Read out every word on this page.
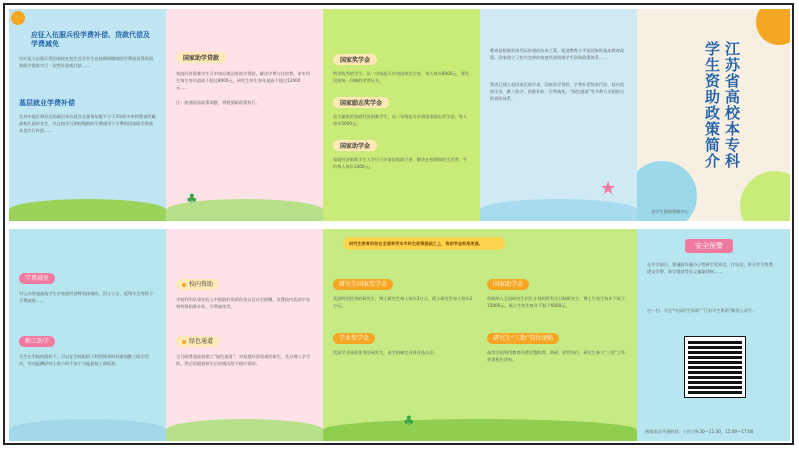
应征入伍服兵役学费补偿、贷款代偿及学费减免
对应征入伍服兵役的高校在校生及学业生在校期间缴纳的学费或获得的国家助学贷款实行一次性补偿或代偿……
基层就业学费补偿
在苏中地区和苏北的基层单位就业且服务年限不少于3年的中央和我省所属高校应届毕业生，其在校学习期间缴纳的学费或用于学费的国家助学贷款本金实行补偿……
国家助学贷款
家庭经济困难学生可申请办理国家助学贷款，解决学费与住宿费。本专科生每生每年最高不超过8000元，研究生每生每年最高不超过12000元……
注：如遇国家政策调整，将根据新政策执行。
♣
国家奖学金
特别优秀的学生，从二年级起可申请国家奖学金，每人每年8000元，颁发国家统一印制的荣誉证书。
国家励志奖学金
品学兼优的家庭经济困难学生，从二年级起可申请国家励志奖学金，每人每年5000元。
国家助学金
家庭经济困难学生入学后可申请国家助学金，解决在校期间的生活费，平均每人每年3300元。
教育是阻断贫困代际传递的治本之策。促进教育公平是国家的基本教育政策。国家建立了较为完善的家庭经济困难学生资助政策体系……
我省已建立起国家奖助学金、国家助学贷款、学费补偿贷款代偿、校内奖助学金、勤工助学、困难补助、学费减免、“绿色通道”等多种方式相结合的资助体系。
★
江苏省高校本专科
学生资助政策简介
省学生资助管理中心
学费减免
对公办普通高校学生中家庭经济特别困难的、烈士子女、孤残学生等给予学费减免……
勤工助学
学生在学校的组织下，可以在学校组织下利用课余时间参加勤工助学活动，劳动报酬原则上每小时不低于当地最低工资标准。
校内资助
学校利用从事业收入中提取的资助资金以及社会捐赠，设置校内奖助学金和特殊困难补助、学费减免等。
绿色通道
全日制普通高校建立“绿色通道”，对家庭经济困难的新生，先办理入学手续，然后再根据核实后的情况给予相应资助。
研究生教育阶段在全面享受本专科生政策基础之上，资助学金标准更高。
研究生国家奖学金
奖励特别优秀的研究生，博士研究生每人每年3万元，硕士研究生每人每年2万元。
学业奖学金
奖励学业成绩优秀的研究生，由学校制定具体评选办法。
国家助学金
资助纳入全国研究生招生计划的所有全日制研究生，博士生每生每年不低于15000元，硕士生每生每年不低于6000元。
研究生“三助”岗位津贴
高等学校利用教育经费设置助教、助研、助管岗位，研究生参与“三助”工作获得相应津贴。
♣
安全预警
在开学前后，要谨防诈骗分子给新生发短信、打电话，用开学手续费、缓交学费、助学贷款等名义骗取钱财……
扫一扫，关注“中国学生资助”“江苏学生资助”微信公众号。
热线电话开通时间：工作日9:30—11:30，15:00—17:00
